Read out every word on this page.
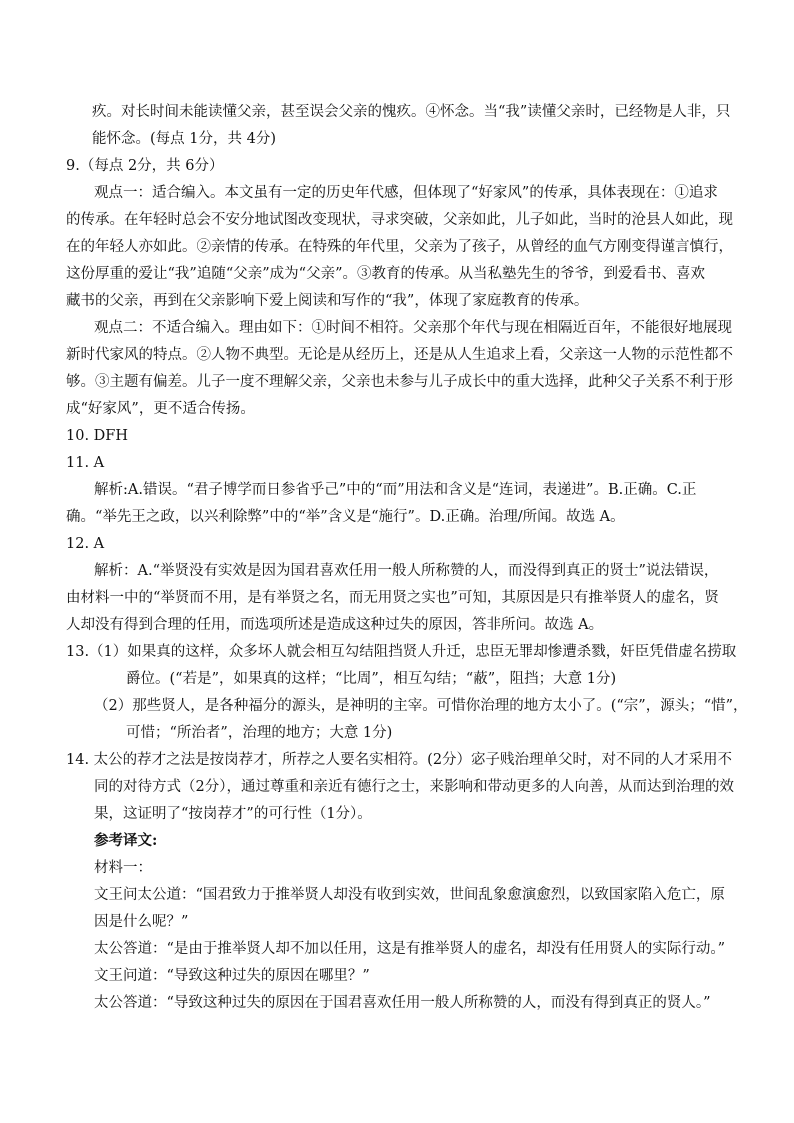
疚。对长时间未能读懂父亲，甚至误会父亲的愧疚。④怀念。当“我”读懂父亲时，已经物是人非，只
能怀念。(每点 1分，共 4分)
9.（每点 2分，共 6分）
观点一：适合编入。本文虽有一定的历史年代感，但体现了“好家风”的传承，具体表现在：①追求
的传承。在年轻时总会不安分地试图改变现状，寻求突破，父亲如此，儿子如此，当时的沧县人如此，现
在的年轻人亦如此。②亲情的传承。在特殊的年代里，父亲为了孩子，从曾经的血气方刚变得谨言慎行，
这份厚重的爱让“我”追随“父亲”成为“父亲”。③教育的传承。从当私塾先生的爷爷，到爱看书、喜欢
藏书的父亲，再到在父亲影响下爱上阅读和写作的“我”，体现了家庭教育的传承。
观点二：不适合编入。理由如下：①时间不相符。父亲那个年代与现在相隔近百年，不能很好地展现
新时代家风的特点。②人物不典型。无论是从经历上，还是从人生追求上看，父亲这一人物的示范性都不
够。③主题有偏差。儿子一度不理解父亲，父亲也未参与儿子成长中的重大选择，此种父子关系不利于形
成“好家风”，更不适合传扬。
10. DFH
11. A
解析:A.错误。“君子博学而日参省乎己”中的“而”用法和含义是“连词，表递进”。B.正确。C.正
确。“举先王之政，以兴利除弊”中的“举”含义是“施行”。D.正确。治理/所闻。故选 A。
12. A
解析：A.“举贤没有实效是因为国君喜欢任用一般人所称赞的人，而没得到真正的贤士”说法错误，
由材料一中的“举贤而不用，是有举贤之名，而无用贤之实也”可知，其原因是只有推举贤人的虚名，贤
人却没有得到合理的任用，而选项所述是造成这种过失的原因，答非所问。故选 A。
13.（1）如果真的这样，众多坏人就会相互勾结阻挡贤人升迁，忠臣无罪却惨遭杀戮，奸臣凭借虚名捞取
爵位。(“若是”，如果真的这样；“比周”，相互勾结；“蔽”，阻挡；大意 1分)
（2）那些贤人，是各种福分的源头，是神明的主宰。可惜你治理的地方太小了。(“宗”，源头；“惜”，
可惜；“所治者”，治理的地方；大意 1分)
14. 太公的荐才之法是按岗荐才，所荐之人要名实相符。(2分）宓子贱治理单父时，对不同的人才采用不
同的对待方式（2分），通过尊重和亲近有德行之士，来影响和带动更多的人向善，从而达到治理的效
果，这证明了“按岗荐才”的可行性（1分）。
参考译文:
材料一：
文王问太公道：“国君致力于推举贤人却没有收到实效，世间乱象愈演愈烈，以致国家陷入危亡，原
因是什么呢？”
太公答道：“是由于推举贤人却不加以任用，这是有推举贤人的虚名，却没有任用贤人的实际行动。”
文王问道：“导致这种过失的原因在哪里？”
太公答道：“导致这种过失的原因在于国君喜欢任用一般人所称赞的人，而没有得到真正的贤人。”
